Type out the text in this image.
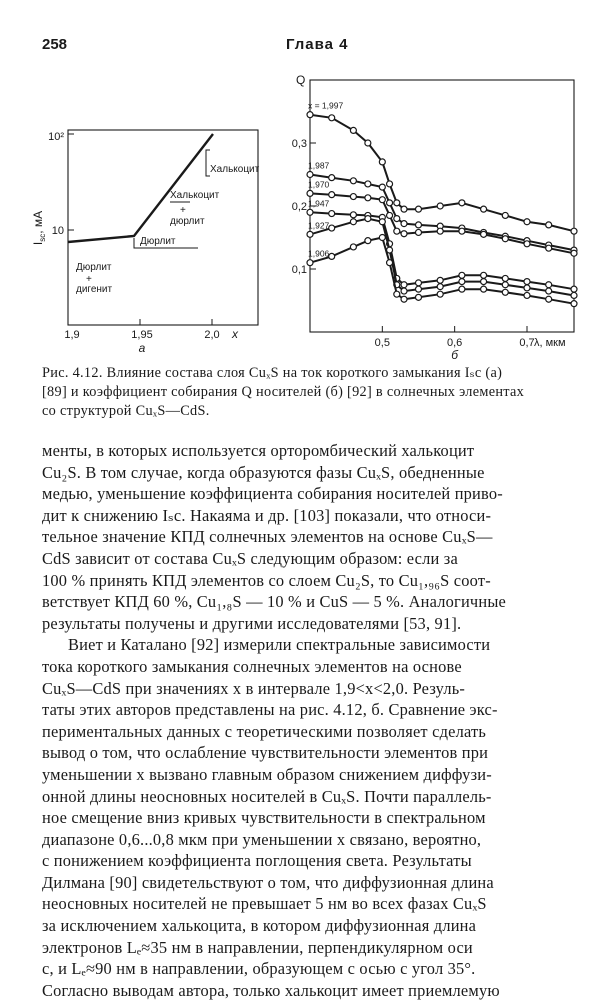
258	Глава 4
10²
10
$I_{sc}$, мА
1,9	1,95	2,0 x
а
Халькоцит
Халькоцит
+
дюрлит
Дюрлит
Дюрлит
+
дигенит
0,3
0,2
0,1
Q
0,5	0,6	0,7 λ, мкм
б
x = 1,997
1,987
1,970
1,947
1,927
1,906

Рис. 4.12. Влияние состава слоя CuₓS на ток короткого замыкания Iₛc (а)

[89] и коэффициент собирания Q носителей (б) [92] в солнечных элементах

со структурой CuₓS—CdS.

менты, в которых используется орторомбический халькоцит

Cu₂S. В том случае, когда образуются фазы CuₓS, обедненные

медью, уменьшение коэффициента собирания носителей приво-

дит к снижению Iₛc. Накаяма и др. [103] показали, что относи-

тельное значение КПД солнечных элементов на основе CuₓS—

CdS зависит от состава CuₓS следующим образом: если за

100 % принять КПД элементов со слоем Cu₂S, то Cu₁,₉₆S соот-

ветствует КПД 60 %, Cu₁,₈S — 10 % и CuS — 5 %. Аналогичные

результаты получены и другими исследователями [53, 91].

Виет и Каталано [92] измерили спектральные зависимости

тока короткого замыкания солнечных элементов на основе

CuₓS—CdS при значениях x в интервале 1,9<x<2,0. Резуль-

таты этих авторов представлены на рис. 4.12, б. Сравнение экс-

периментальных данных с теоретическими позволяет сделать

вывод о том, что ослабление чувствительности элементов при

уменьшении x вызвано главным образом снижением диффузи-

онной длины неосновных носителей в CuₓS. Почти параллель-

ное смещение вниз кривых чувствительности в спектральном

диапазоне 0,6...0,8 мкм при уменьшении x связано, вероятно,

с понижением коэффициента поглощения света. Результаты

Дилмана [90] свидетельствуют о том, что диффузионная длина

неосновных носителей не превышает 5 нм во всех фазах CuₓS

за исключением халькоцита, в котором диффузионная длина

электронов Lₑ≈35 нм в направлении, перпендикулярном оси

c, и Lₑ≈90 нм в направлении, образующем с осью c угол 35°.

Согласно выводам автора, только халькоцит имеет приемлемую
